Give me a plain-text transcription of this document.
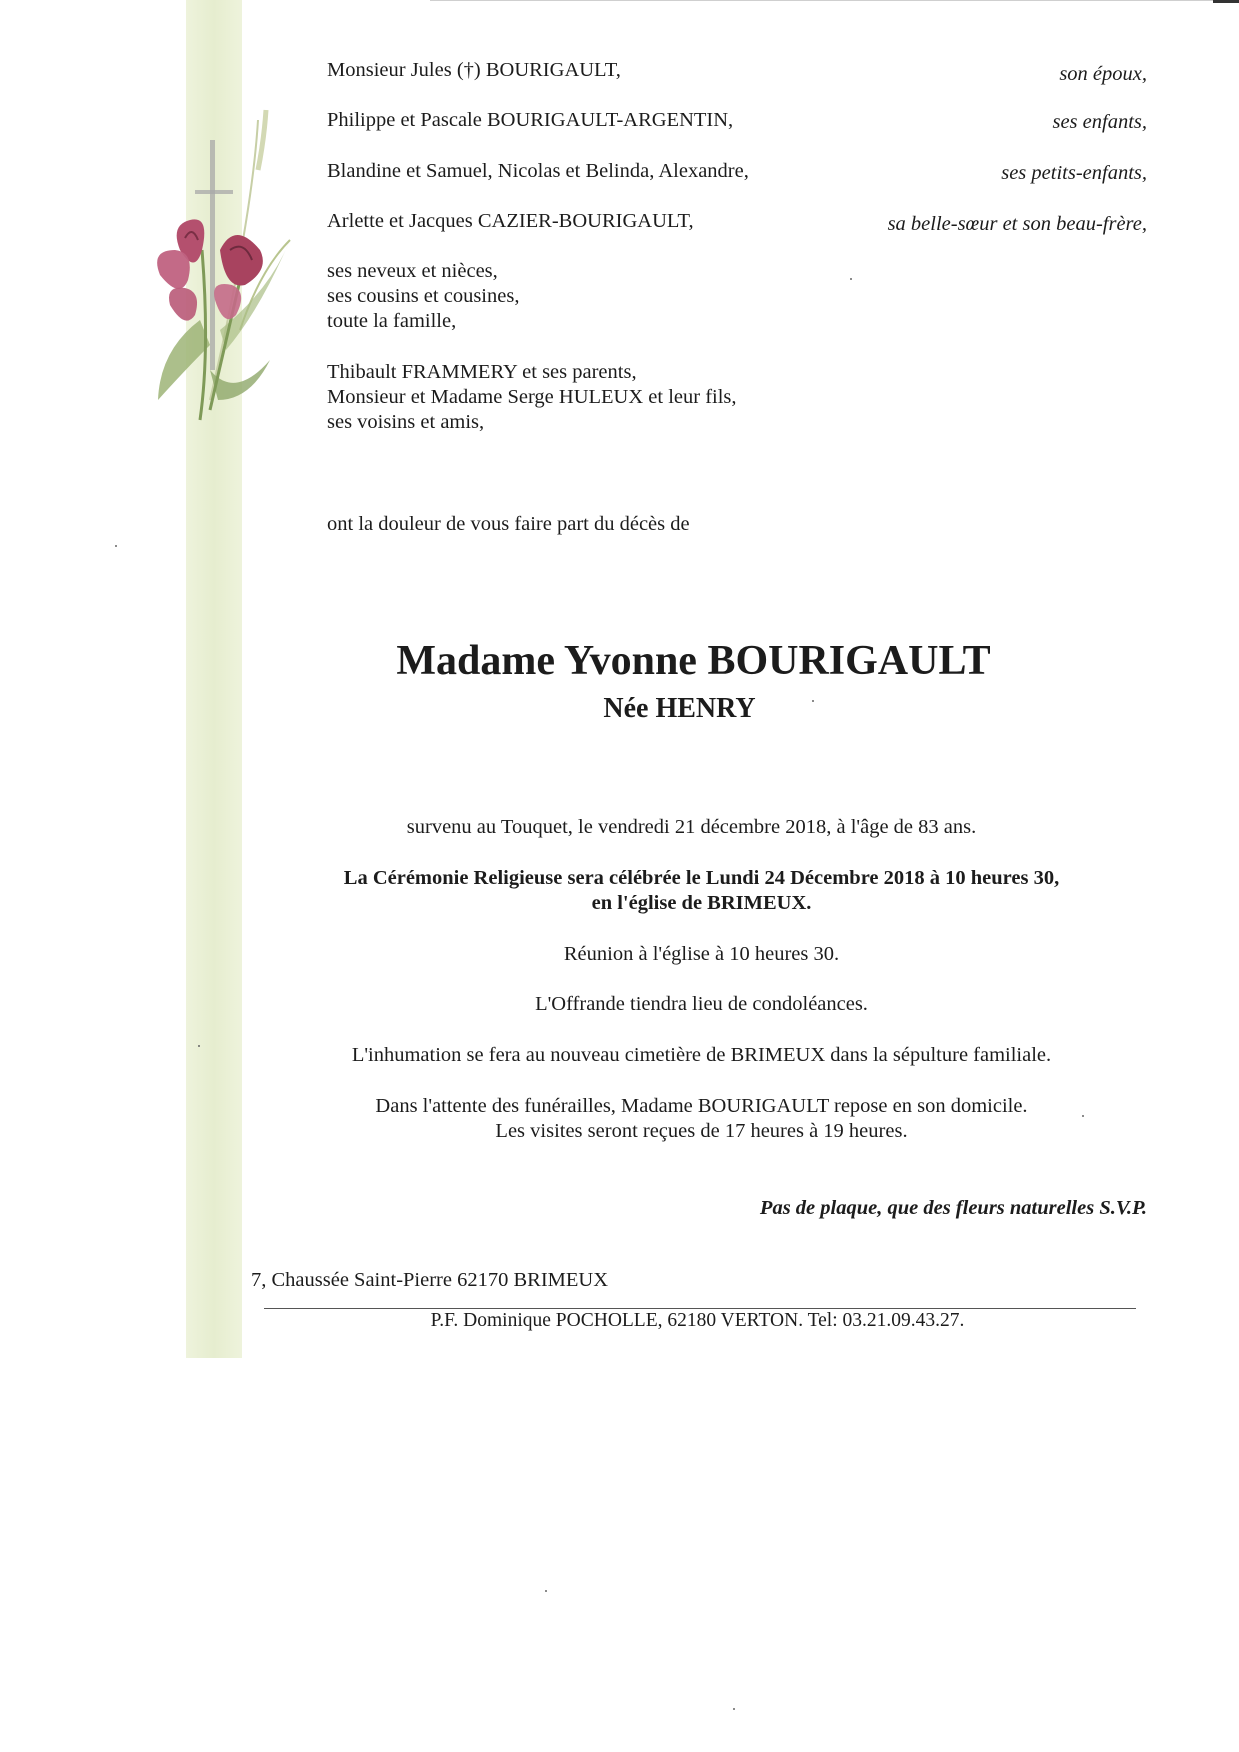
Monsieur Jules (†) BOURIGAULT,	son époux,
Philippe et Pascale BOURIGAULT-ARGENTIN,	ses enfants,
Blandine et Samuel, Nicolas et Belinda, Alexandre,	ses petits-enfants,
Arlette et Jacques CAZIER-BOURIGAULT,	sa belle-sœur et son beau-frère,
ses neveux et nièces,
ses cousins et cousines,
toute la famille,
Thibault FRAMMERY et ses parents,
Monsieur et Madame Serge HULEUX et leur fils,
ses voisins et amis,
ont la douleur de vous faire part du décès de
Madame Yvonne BOURIGAULT
Née HENRY
survenu au Touquet, le vendredi 21 décembre 2018, à l'âge de 83 ans.
La Cérémonie Religieuse sera célébrée le Lundi 24 Décembre 2018 à 10 heures 30,
en l'église de BRIMEUX.
Réunion à l'église à 10 heures 30.
L'Offrande tiendra lieu de condoléances.
L'inhumation se fera au nouveau cimetière de BRIMEUX dans la sépulture familiale.
Dans l'attente des funérailles, Madame BOURIGAULT repose en son domicile.
Les visites seront reçues de 17 heures à 19 heures.
Pas de plaque, que des fleurs naturelles S.V.P.
7, Chaussée Saint-Pierre 62170 BRIMEUX
P.F. Dominique POCHOLLE, 62180 VERTON. Tel: 03.21.09.43.27.
